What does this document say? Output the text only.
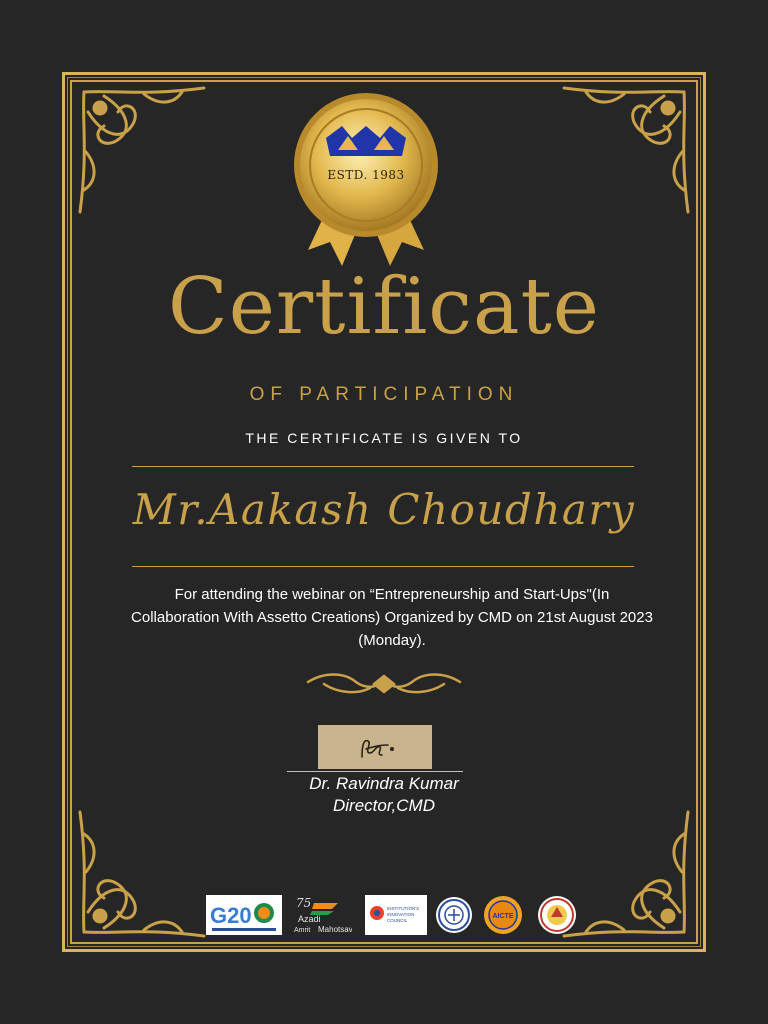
ESTD. 1983
Certificate
OF PARTICIPATION
THE CERTIFICATE IS GIVEN TO
Mr.Aakash Choudhary
For attending the webinar on “Entrepreneurship and Start-Ups"(In Collaboration With Assetto Creations) Organized by CMD on 21st August 2023 (Monday).
Dr. Ravindra Kumar
Director,CMD
G20	75
Azadi
Amrit Mahotsav
INSTITUTION'S
INNOVATION
COUNCIL
AICTE
